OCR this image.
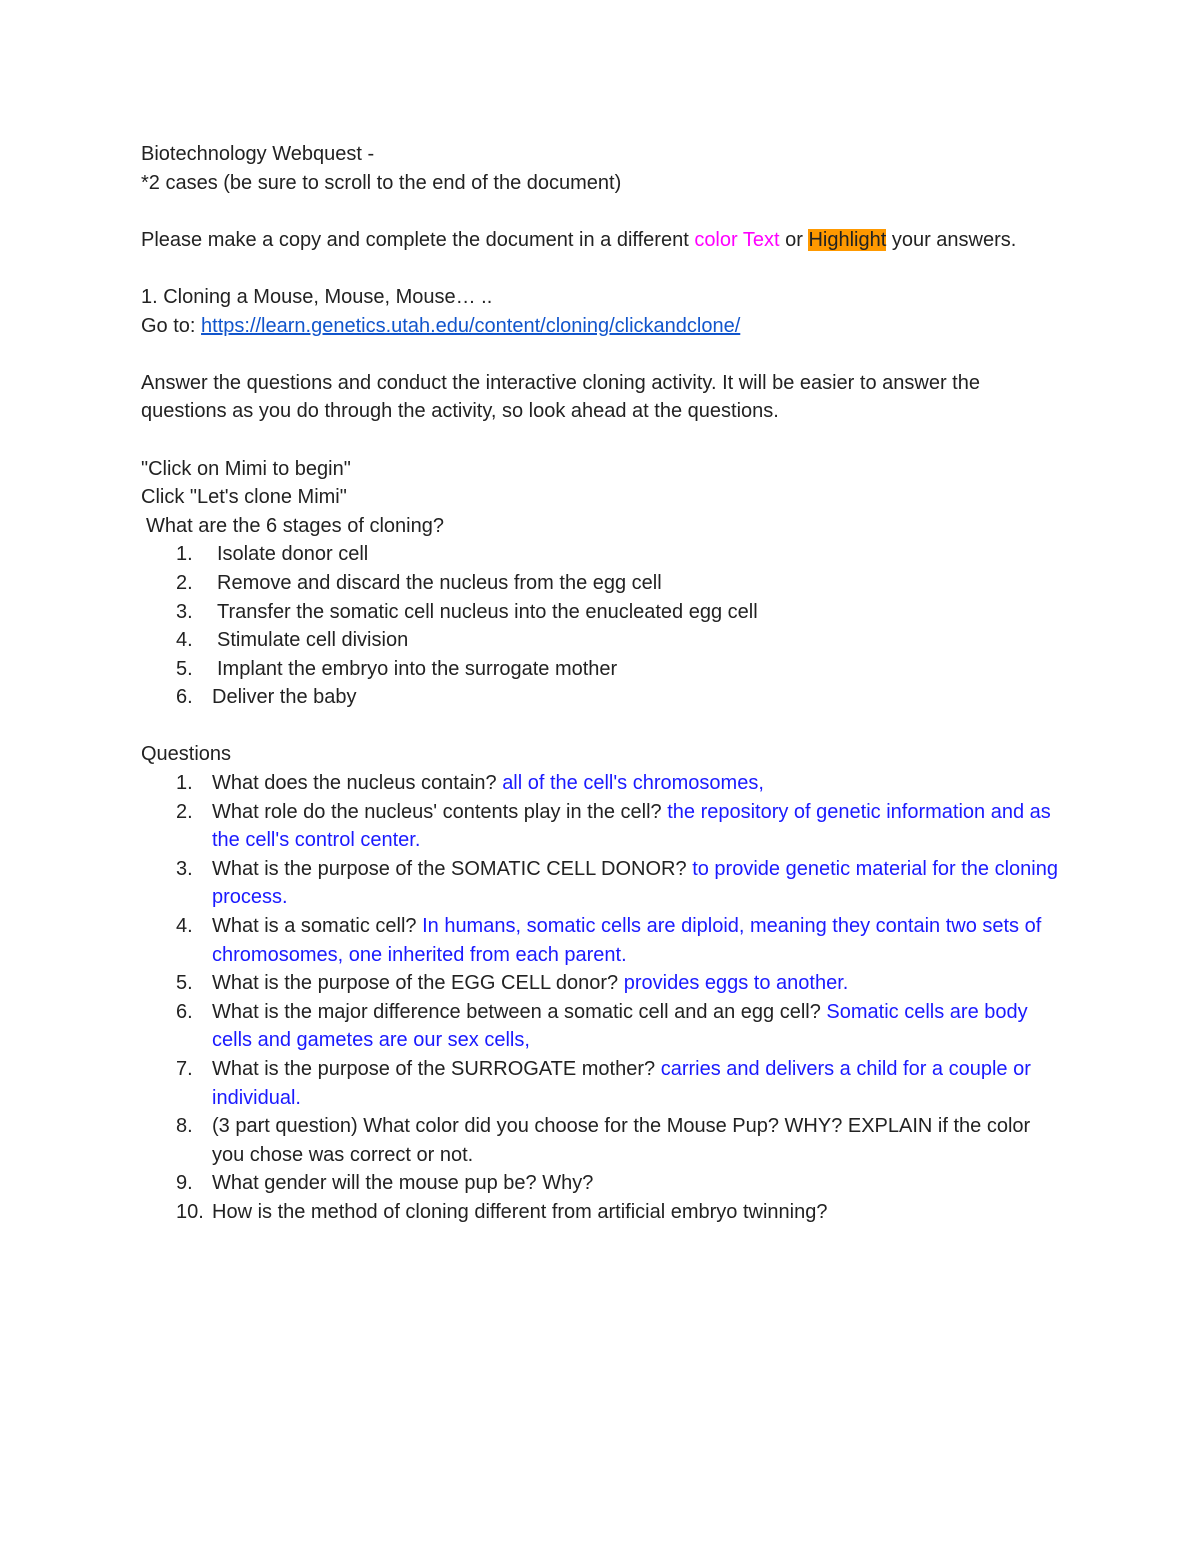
Biotechnology Webquest -

*2 cases (be sure to scroll to the end of the document)

Please make a copy and complete the document in a different color Text or Highlight your answers.

1. Cloning a Mouse, Mouse, Mouse… ..

Go to: https://learn.genetics.utah.edu/content/cloning/clickandclone/

Answer the questions and conduct the interactive cloning activity. It will be easier to answer the questions as you do through the activity, so look ahead at the questions.

"Click on Mimi to begin"

Click "Let's clone Mimi"

What are the 6 stages of cloning?

1. Isolate donor cell
2. Remove and discard the nucleus from the egg cell
3. Transfer the somatic cell nucleus into the enucleated egg cell
4. Stimulate cell division
5. Implant the embryo into the surrogate mother
6. Deliver the baby

Questions

1. What does the nucleus contain? all of the cell's chromosomes,
2. What role do the nucleus' contents play in the cell? the repository of genetic information and as the cell's control center.
3. What is the purpose of the SOMATIC CELL DONOR? to provide genetic material for the cloning process.
4. What is a somatic cell? In humans, somatic cells are diploid, meaning they contain two sets of chromosomes, one inherited from each parent.
5. What is the purpose of the EGG CELL donor? provides eggs to another.
6. What is the major difference between a somatic cell and an egg cell? Somatic cells are body cells and gametes are our sex cells,
7. What is the purpose of the SURROGATE mother? carries and delivers a child for a couple or individual.
8. (3 part question) What color did you choose for the Mouse Pup? WHY? EXPLAIN if the color you chose was correct or not.
9. What gender will the mouse pup be? Why?
10. How is the method of cloning different from artificial embryo twinning?
